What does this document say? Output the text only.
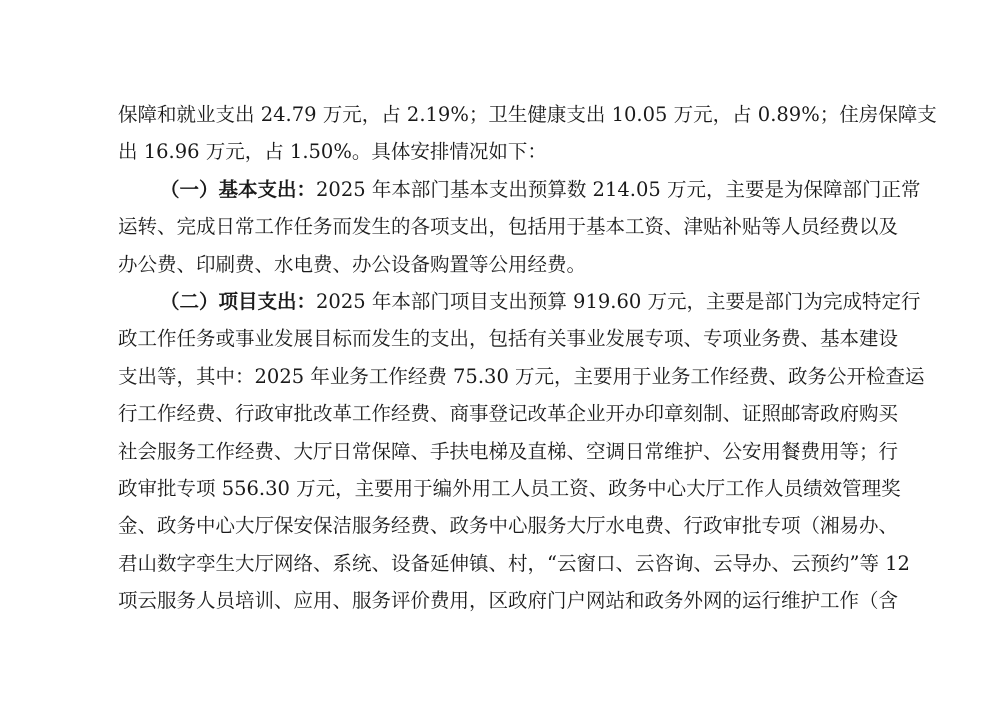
保障和就业支出 24.79 万元，占 2.19%；卫生健康支出 10.05 万元，占 0.89%；住房保障支
出 16.96 万元，占 1.50%。具体安排情况如下：
（一）基本支出：2025 年本部门基本支出预算数 214.05 万元，主要是为保障部门正常
运转、完成日常工作任务而发生的各项支出，包括用于基本工资、津贴补贴等人员经费以及
办公费、印刷费、水电费、办公设备购置等公用经费。
（二）项目支出：2025 年本部门项目支出预算 919.60 万元，主要是部门为完成特定行
政工作任务或事业发展目标而发生的支出，包括有关事业发展专项、专项业务费、基本建设
支出等，其中：2025 年业务工作经费 75.30 万元，主要用于业务工作经费、政务公开检查运
行工作经费、行政审批改革工作经费、商事登记改革企业开办印章刻制、证照邮寄政府购买
社会服务工作经费、大厅日常保障、手扶电梯及直梯、空调日常维护、公安用餐费用等；行
政审批专项 556.30 万元，主要用于编外用工人员工资、政务中心大厅工作人员绩效管理奖
金、政务中心大厅保安保洁服务经费、政务中心服务大厅水电费、行政审批专项（湘易办、
君山数字孪生大厅网络、系统、设备延伸镇、村，“云窗口、云咨询、云导办、云预约”等 12
项云服务人员培训、应用、服务评价费用，区政府门户网站和政务外网的运行维护工作（含
